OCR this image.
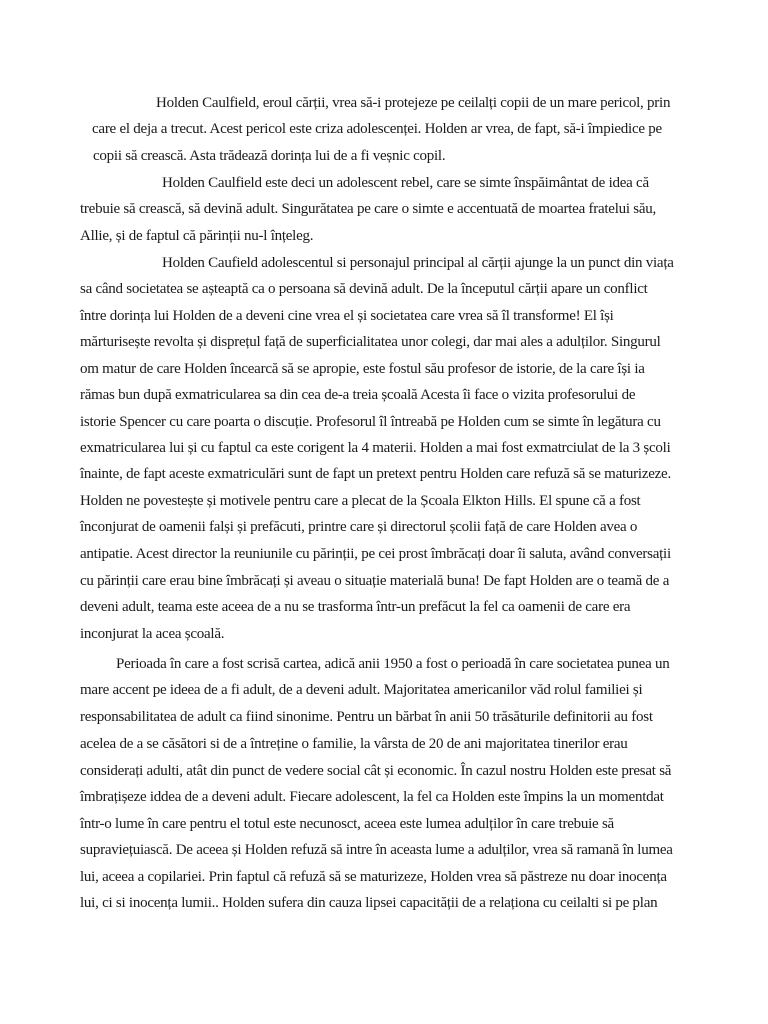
Holden Caulfield, eroul cărții, vrea să-i protejeze pe ceilalți copii de un mare pericol, prin

care el deja a trecut. Acest pericol este criza adolescenței. Holden ar vrea, de fapt, să-i împiedice pe

copii să crească. Asta trădează dorința lui de a fi veșnic copil.

Holden Caulfield este deci un adolescent rebel, care se simte înspăimântat de idea că

trebuie să crească, să devină adult. Singurătatea pe care o simte e accentuată de moartea fratelui său,

Allie, și de faptul că părinții nu-l înțeleg.

Holden Caufield adolescentul si personajul principal al cărții ajunge la un punct din viața

sa când societatea se așteaptă ca o persoana să devină adult. De la începutul cărții apare un conflict

între dorința lui Holden de a deveni cine vrea el și societatea care vrea să îl transforme! El își

mărturisește revolta și disprețul față de superficialitatea unor colegi, dar mai ales a adulților. Singurul

om matur de care Holden încearcă să se apropie, este fostul său profesor de istorie, de la care își ia

rămas bun după exmatricularea sa din cea de-a treia școală Acesta îi face o vizita profesorului de

istorie Spencer cu care poarta o discuție. Profesorul îl întreabă pe Holden cum se simte în legătura cu

exmatricularea lui și cu faptul ca este corigent la 4 materii. Holden a mai fost exmatrciulat de la 3 școli

înainte, de fapt aceste exmatriculări sunt de fapt un pretext pentru Holden care refuză să se maturizeze.

Holden ne povestește și motivele pentru care a plecat de la Școala Elkton Hills. El spune că a fost

înconjurat de oamenii falși și prefăcuti, printre care și directorul școlii față de care Holden avea o

antipatie. Acest director la reuniunile cu părinții, pe cei prost îmbrăcați doar îi saluta, având conversații

cu părinții care erau bine îmbrăcați și aveau o situație materială buna! De fapt Holden are o teamă de a

deveni adult, teama este aceea de a nu se trasforma într-un prefăcut la fel ca oamenii de care era

inconjurat la acea școală.

Perioada în care a fost scrisă cartea, adică anii 1950 a fost o perioadă în care societatea punea un

mare accent pe ideea de a fi adult, de a deveni adult. Majoritatea americanilor văd rolul familiei și

responsabilitatea de adult ca fiind sinonime. Pentru un bărbat în anii 50 trăsăturile definitorii au fost

acelea de a se căsători si de a întreține o familie, la vârsta de 20 de ani majoritatea tinerilor erau

considerați adulti, atât din punct de vedere social cât și economic. În cazul nostru Holden este presat să

îmbrațișeze iddea de a deveni adult. Fiecare adolescent, la fel ca Holden este împins la un momentdat

într-o lume în care pentru el totul este necunosct, aceea este lumea adulților în care trebuie să

supraviețuiască. De aceea și Holden refuză să intre în aceasta lume a adulților, vrea să ramană în lumea

lui, aceea a copilariei. Prin faptul că refuză să se maturizeze, Holden vrea să păstreze nu doar inocența

lui, ci si inocența lumii.. Holden sufera din cauza lipsei capacității de a relaționa cu ceilalti si pe plan
